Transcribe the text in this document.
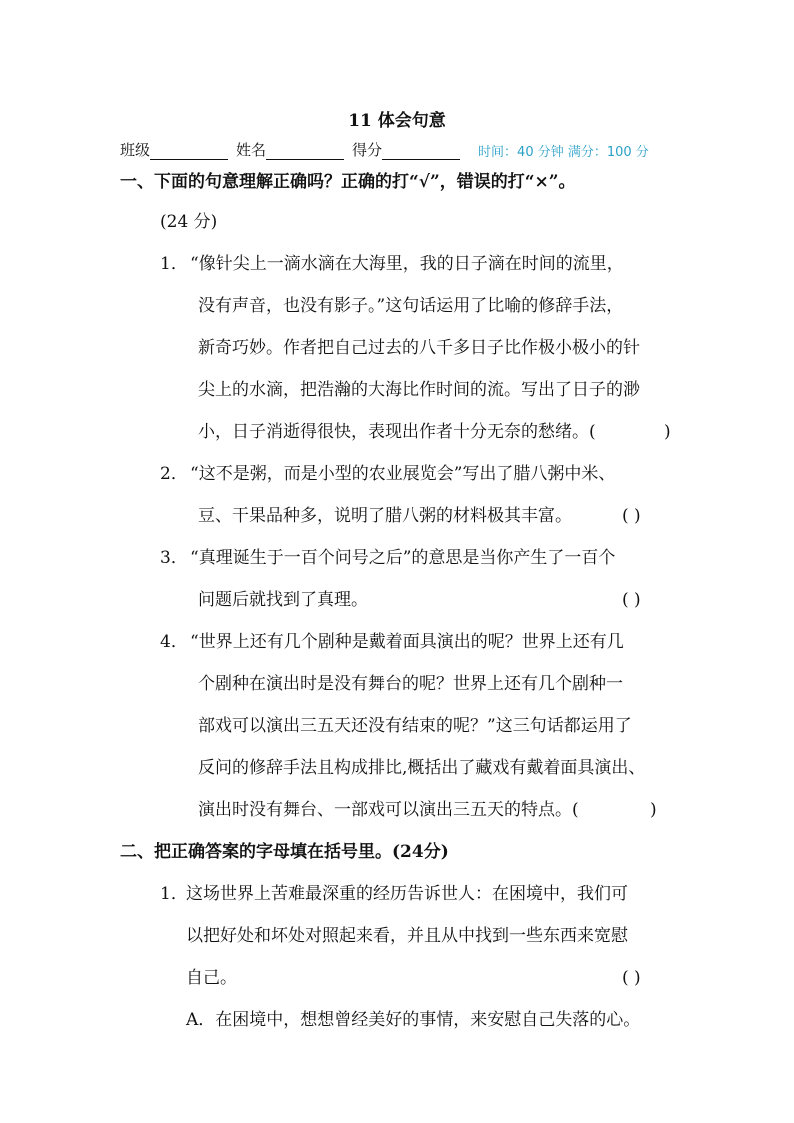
11 体会句意
班级	姓名	得分	时间：40 分钟 满分：100 分
一、下面的句意理解正确吗？正确的打“√”，错误的打“×”。
(24 分)
1． “像针尖上一滴水滴在大海里，我的日子滴在时间的流里，
没有声音，也没有影子。”这句话运用了比喻的修辞手法，
新奇巧妙。作者把自己过去的八千多日子比作极小极小的针
尖上的水滴，把浩瀚的大海比作时间的流。写出了日子的渺
小，日子消逝得很快，表现出作者十分无奈的愁绪。(	)
2． “这不是粥，而是小型的农业展览会”写出了腊八粥中米、
豆、干果品种多，说明了腊八粥的材料极其丰富。	( )
3． “真理诞生于一百个问号之后”的意思是当你产生了一百个
问题后就找到了真理。	( )
4． “世界上还有几个剧种是戴着面具演出的呢？世界上还有几
个剧种在演出时是没有舞台的呢？世界上还有几个剧种一
部戏可以演出三五天还没有结束的呢？”这三句话都运用了
反问的修辞手法且构成排比,概括出了藏戏有戴着面具演出、
演出时没有舞台、一部戏可以演出三五天的特点。(	)
二、把正确答案的字母填在括号里。(24分)
1．
这场世界上苦难最深重的经历告诉世人：在困境中，我们可
以把好处和坏处对照起来看，并且从中找到一些东西来宽慰
自己。	( )
A．在困境中，想想曾经美好的事情，来安慰自己失落的心。
